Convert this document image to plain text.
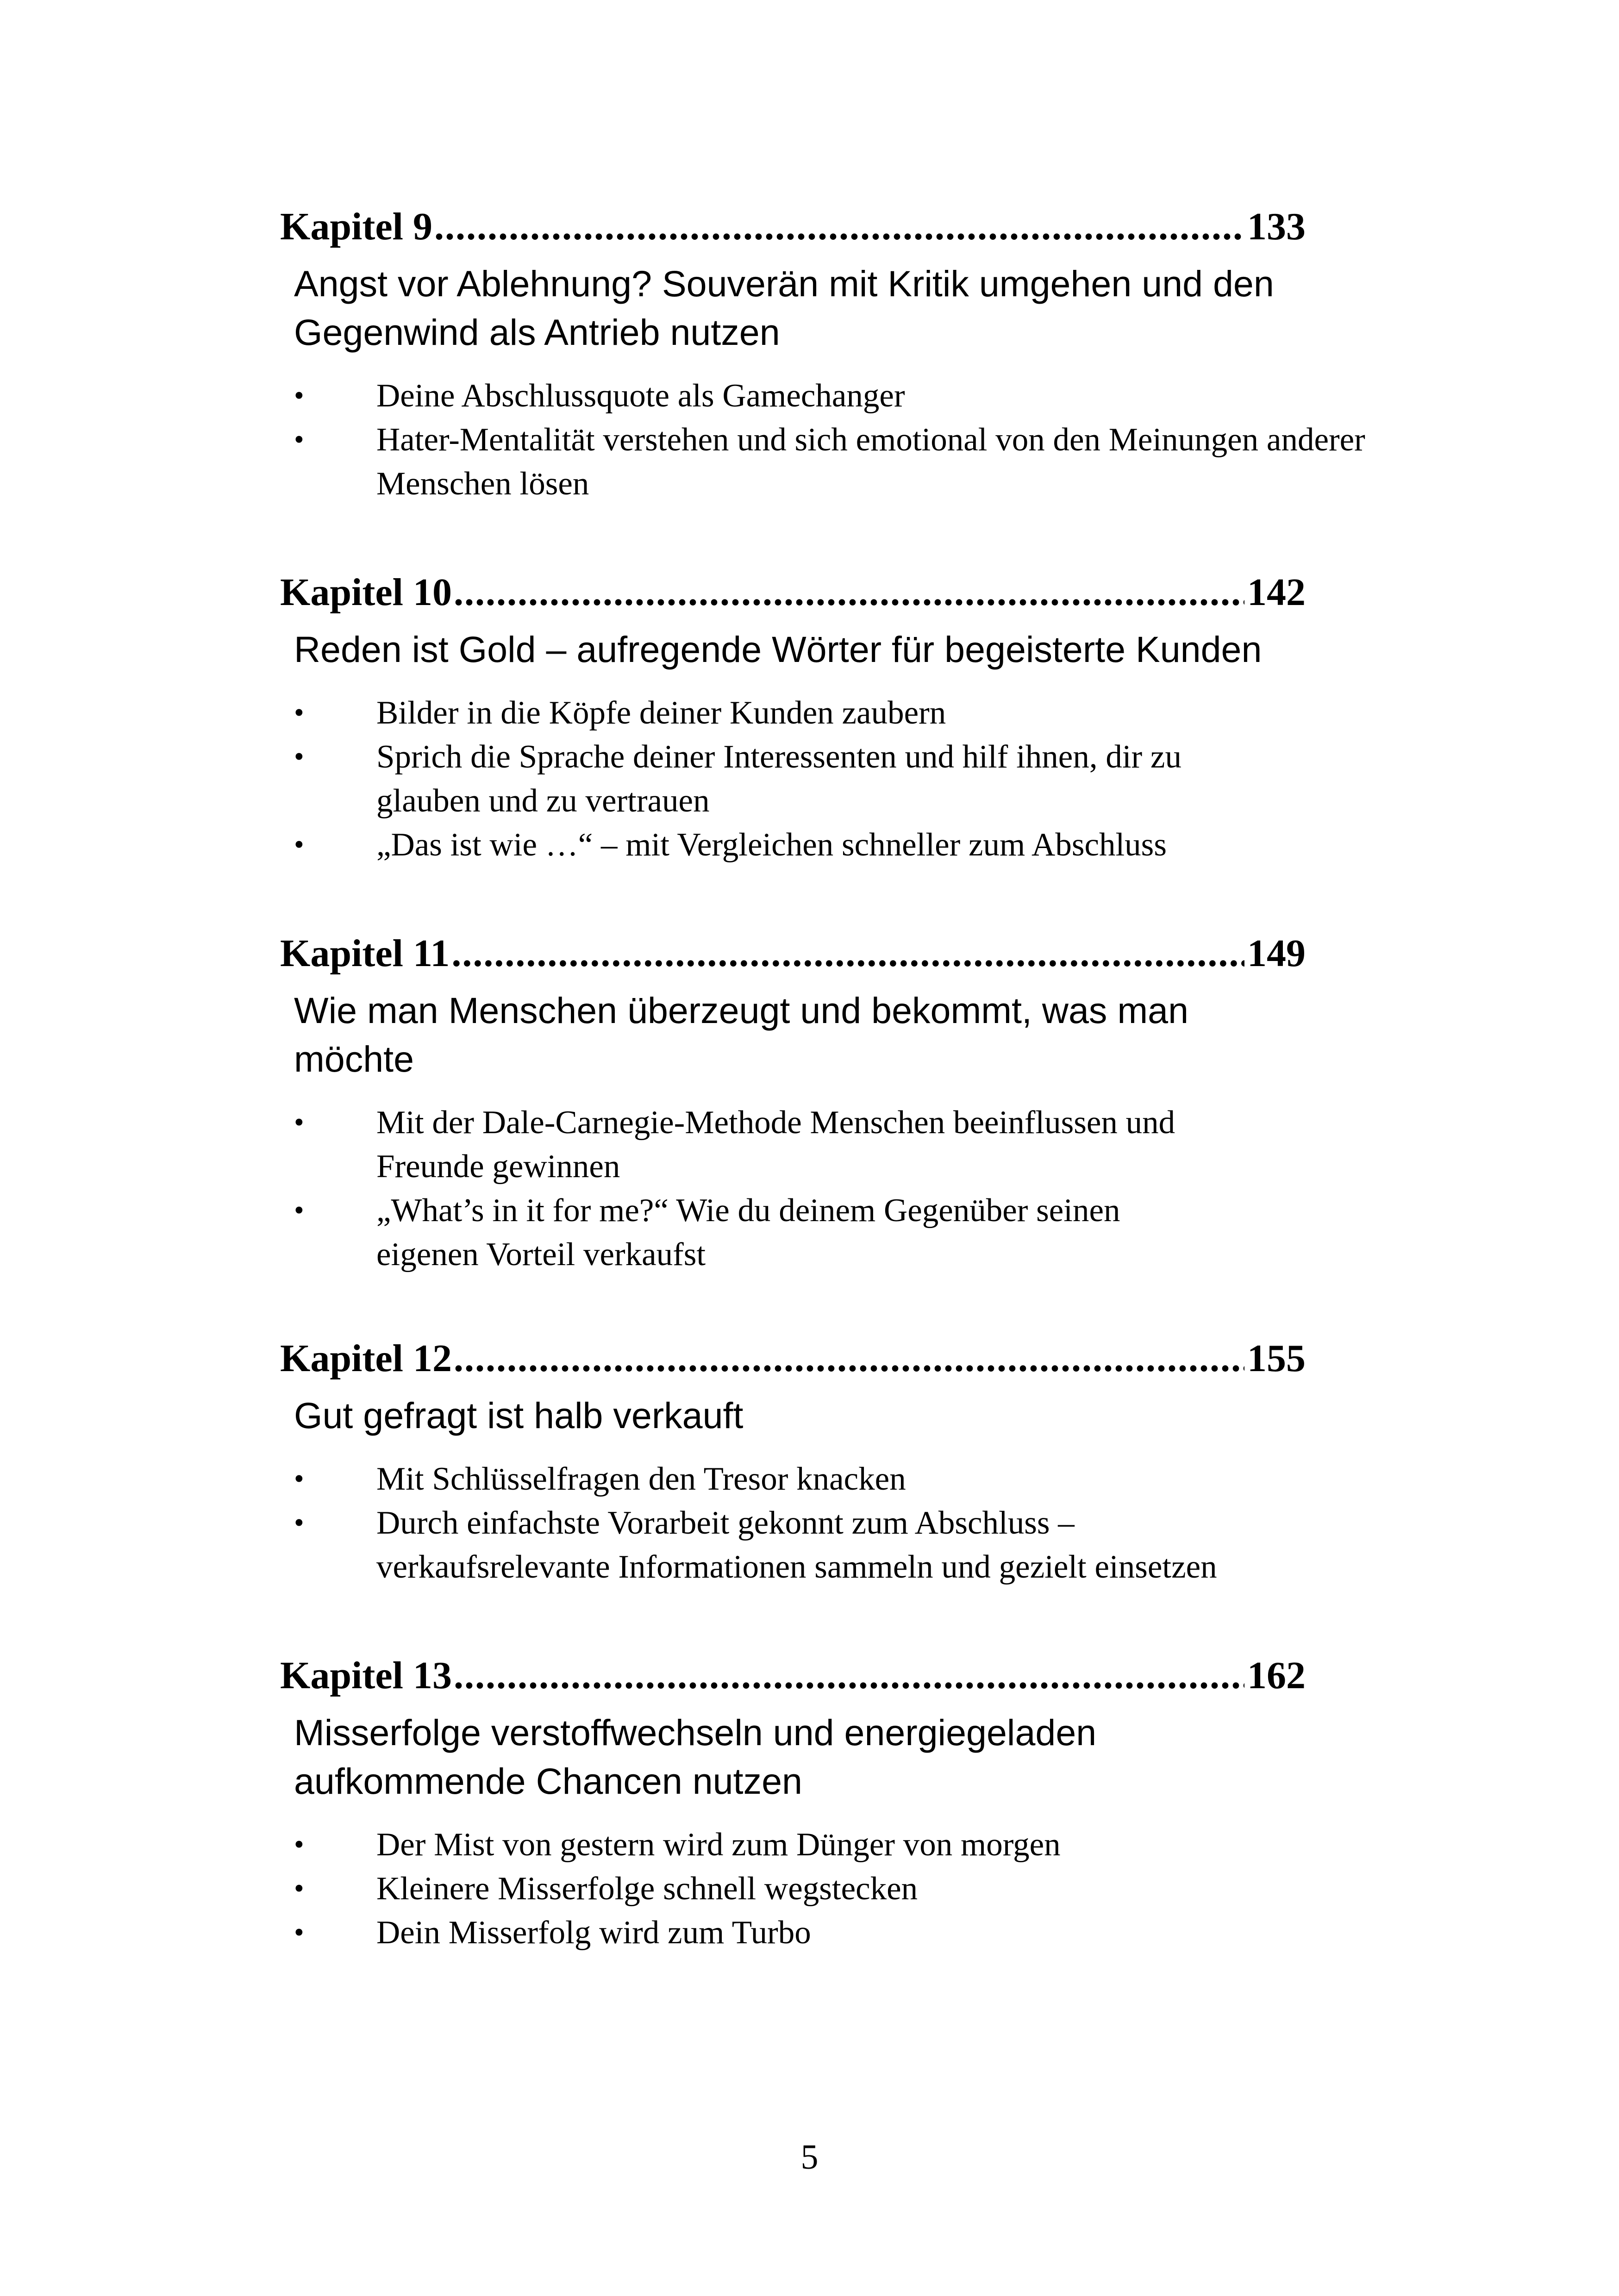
Kapitel 9 .....	133

Angst vor Ablehnung? Souverän mit Kritik umgehen und den
Gegenwind als Antrieb nutzen

•	Deine Abschlussquote als Gamechanger
•	Hater-Mentalität verstehen und sich emotional von den Meinungen anderer
Menschen lösen
Kapitel 10 .....	142

Reden ist Gold – aufregende Wörter für begeisterte Kunden

•	Bilder in die Köpfe deiner Kunden zaubern
•	Sprich die Sprache deiner Interessenten und hilf ihnen, dir zu
glauben und zu vertrauen
•	„Das ist wie …“ – mit Vergleichen schneller zum Abschluss
Kapitel 11 .....	149

Wie man Menschen überzeugt und bekommt, was man
möchte

•	Mit der Dale-Carnegie-Methode Menschen beeinflussen und
Freunde gewinnen
•	„What’s in it for me?“ Wie du deinem Gegenüber seinen
eigenen Vorteil verkaufst
Kapitel 12 .....	155

Gut gefragt ist halb verkauft

•	Mit Schlüsselfragen den Tresor knacken
•	Durch einfachste Vorarbeit gekonnt zum Abschluss –
verkaufsrelevante Informationen sammeln und gezielt einsetzen
Kapitel 13 .....	162

Misserfolge verstoffwechseln und energiegeladen
aufkommende Chancen nutzen

•	Der Mist von gestern wird zum Dünger von morgen
•	Kleinere Misserfolge schnell wegstecken
•	Dein Misserfolg wird zum Turbo
5
